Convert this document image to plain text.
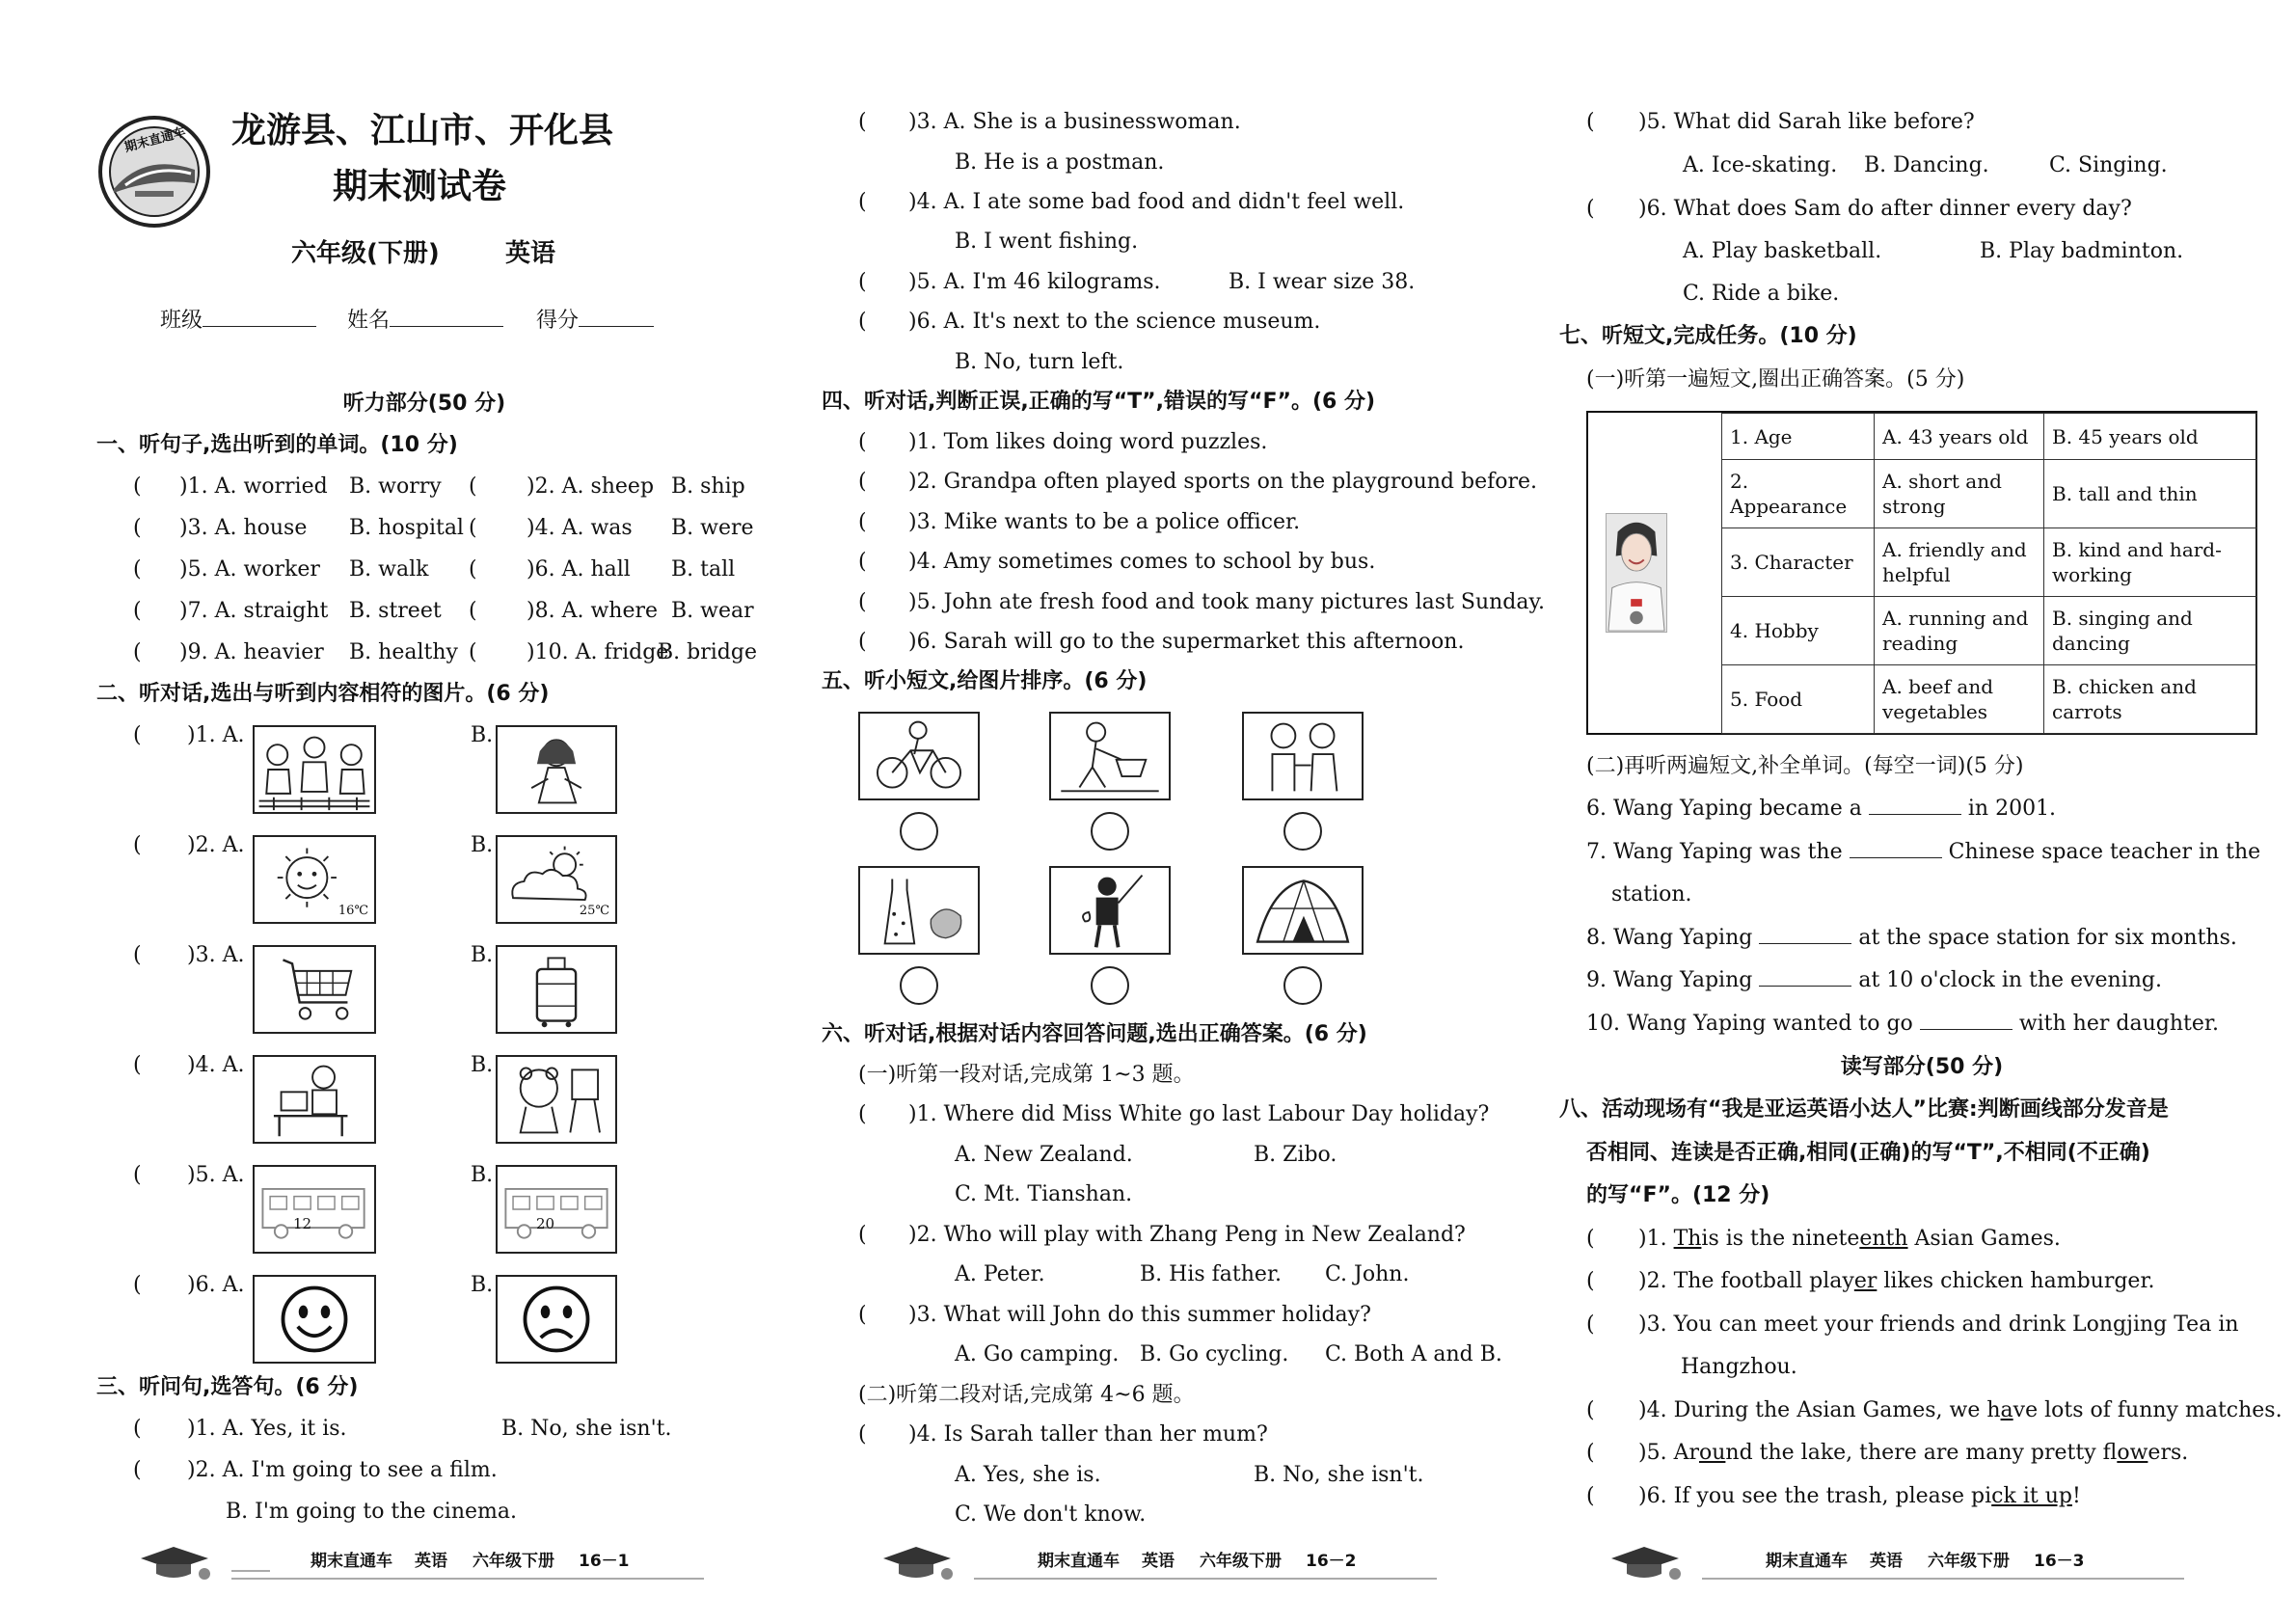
期末直通车 龙游县、江山市、开化县
期末测试卷
六年级(下册)	英语
班级	姓名	得分
听力部分(50 分)
一、听句子,选出听到的单词。(10 分)
( )1. A. worried B. worry ( )2. A. sheep B. ship
( )3. A. house B. hospital ( )4. A. was B. were
( )5. A. worker B. walk ( )6. A. hall B. tall
( )7. A. straight B. street ( )8. A. where B. wear
( )9. A. heavier B. healthy ( )10. A. fridge
B. bridge
二、听对话,选出与听到内容相符的图片。(6 分)
( )1. A.	B.
( )2. A.
16℃
B.
25℃
( )3. A.	B.
( )4. A.	B.
( )5. A.
12
B.
20
( )6. A.	B.
三、听问句,选答句。(6 分)
( )1. A. Yes, it is.	B. No, she isn't.
( )2. A. I'm going to see a film.
B. I'm going to the cinema.
期末直通车 英语 六年级下册 16－1
( )3. A. She is a businesswoman.
B. He is a postman.
( )4. A. I ate some bad food and didn't feel well.
B. I went fishing.
( )5. A. I'm 46 kilograms.	B. I wear size 38.
( )6. A. It's next to the science museum.
B. No, turn left.
四、听对话,判断正误,正确的写“T”,错误的写“F”。(6 分)
( )1. Tom likes doing word puzzles.
( )2. Grandpa often played sports on the playground before.
( )3. Mike wants to be a police officer.
( )4. Amy sometimes comes to school by bus.
( )5. John ate fresh food and took many pictures last Sunday.
( )6. Sarah will go to the supermarket this afternoon.
五、听小短文,给图片排序。(6 分)
六、听对话,根据对话内容回答问题,选出正确答案。(6 分)
(一)听第一段对话,完成第 1~3 题。
( )1. Where did Miss White go last Labour Day holiday?
A. New Zealand.	B. Zibo.
C. Mt. Tianshan.
( )2. Who will play with Zhang Peng in New Zealand?
A. Peter.	B. His father. C. John.
( )3. What will John do this summer holiday?
A. Go camping. B. Go cycling. C. Both A and B.
(二)听第二段对话,完成第 4~6 题。
( )4. Is Sarah taller than her mum?
A. Yes, she is.	B. No, she isn't.
C. We don't know.
期末直通车 英语 六年级下册 16－2
( )5. What did Sarah like before?
A. Ice-skating. B. Dancing.	C. Singing.
( )6. What does Sam do after dinner every day?
A. Play basketball.	B. Play badminton.
C. Ride a bike.
七、听短文,完成任务。(10 分)
(一)听第一遍短文,圈出正确答案。(5 分)
1. Age	A. 43 years old	B. 45 years old
2. Appearance	A. short and strong	B. tall and thin
3. Character	A. friendly and helpful	B. kind and hard-working
4. Hobby	A. running and reading	B. singing and dancing
5. Food	A. beef and vegetables	B. chicken and carrots
(二)再听两遍短文,补全单词。(每空一词)(5 分)
6. Wang Yaping became a	in 2001.
7. Wang Yaping was the	Chinese space teacher in the
station.
8. Wang Yaping	at the space station for six months.
9. Wang Yaping	at 10 o'clock in the evening.
10. Wang Yaping wanted to go	with her daughter.
读写部分(50 分)
八、活动现场有“我是亚运英语小达人”比赛:判断画线部分发音是
否相同、连读是否正确,相同(正确)的写“T”,不相同(不正确)
的写“F”。(12 分)
( )1. This is the nineteenth Asian Games.
( )2. The football player likes chicken hamburger.
( )3. You can meet your friends and drink Longjing Tea in
Hangzhou.
( )4. During the Asian Games, we have lots of funny matches.
( )5. Around the lake, there are many pretty flowers.
( )6. If you see the trash, please pick it up!
期末直通车 英语 六年级下册 16－3
